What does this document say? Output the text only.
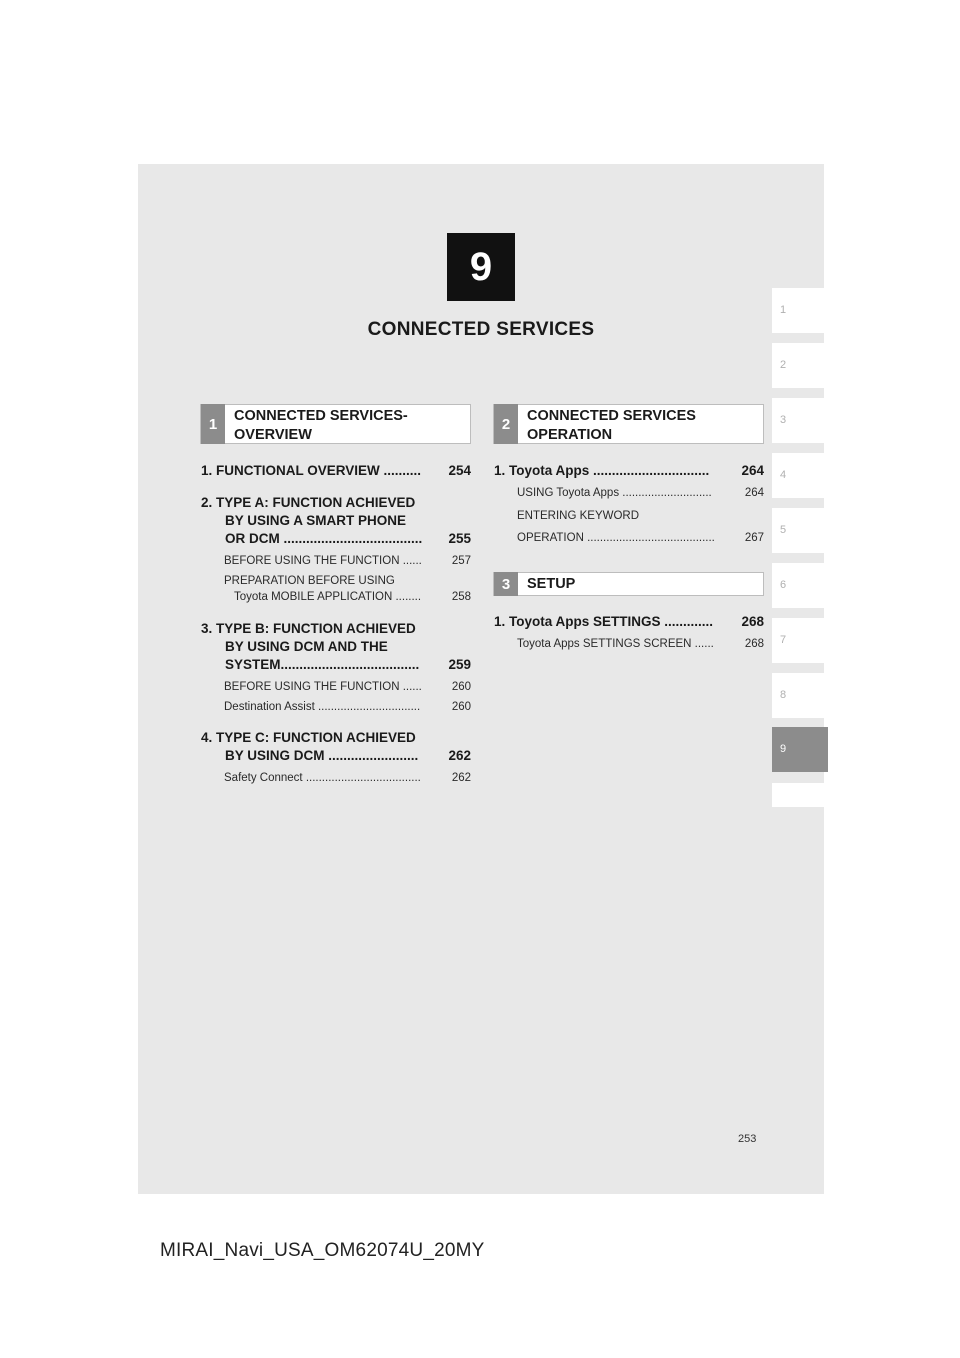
9
CONNECTED SERVICES
1
2
3
4
5
6
7
8
9
1	CONNECTED SERVICES-
OVERVIEW
2	CONNECTED SERVICES
OPERATION
3	SETUP
1. FUNCTIONAL OVERVIEW .......... 254
2. TYPE A: FUNCTION ACHIEVED
BY USING A SMART PHONE
OR DCM ..................................... 255
BEFORE USING THE FUNCTION ......	257
PREPARATION BEFORE USING
Toyota MOBILE APPLICATION ........	258
3. TYPE B: FUNCTION ACHIEVED
BY USING DCM AND THE
SYSTEM..................................... 259
BEFORE USING THE FUNCTION ......	260
Destination Assist ................................	260
4. TYPE C: FUNCTION ACHIEVED
BY USING DCM ........................ 262
Safety Connect ....................................	262
1. Toyota Apps ............................... 264
USING Toyota Apps ............................	264
ENTERING KEYWORD
OPERATION ........................................	267
1. Toyota Apps SETTINGS ............. 268
Toyota Apps SETTINGS SCREEN ......	268
253
MIRAI_Navi_USA_OM62074U_20MY
